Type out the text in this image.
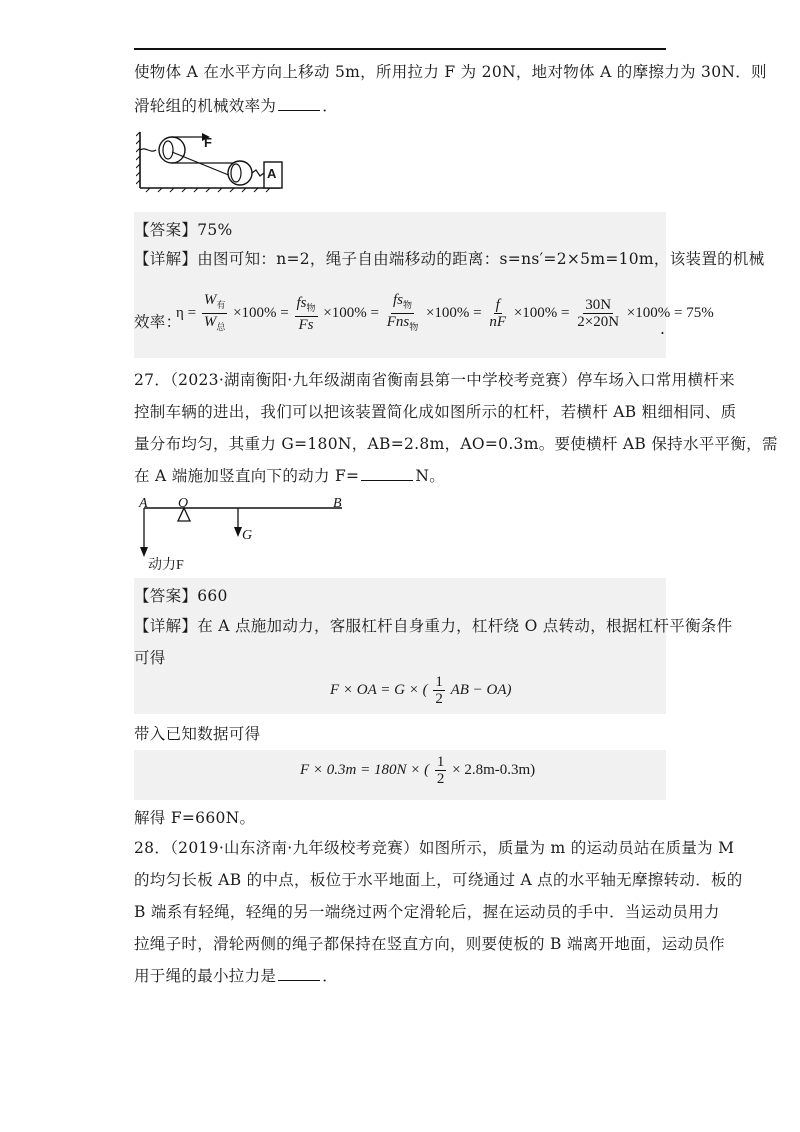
使物体 A 在水平方向上移动 5m，所用拉力 F 为 20N，地对物体 A 的摩擦力为 30N．则
滑轮组的机械效率为	．
F
A
【答案】75%
【详解】由图可知：n=2，绳子自由端移动的距离：s=ns′=2×5m=10m，该装置的机械
效率：
$\eta = \frac{W_有}{W_总} \times 100\% = \frac{fs_物}{Fs} \times 100\% = \frac{fs_物}{Fns_物} \times 100\% = \frac{f}{nF} \times 100\% = \frac{30N}{2\times 20N} \times 100\% = 75\%$
.
27．（2023·湖南衡阳·九年级湖南省衡南县第一中学校考竞赛）停车场入口常用横杆来
控制车辆的进出，我们可以把该装置简化成如图所示的杠杆，若横杆 AB 粗细相同、质
量分布均匀，其重力 G=180N，AB=2.8m，AO=0.3m。要使横杆 AB 保持水平平衡，需
在 A 端施加竖直向下的动力 F=	N。
A O	B
G
动力F
【答案】660
【详解】在 A 点施加动力，客服杠杆自身重力，杠杆绕 O 点转动，根据杠杆平衡条件
可得
F × OA = G × ( $\frac{1}{2}$ AB − OA)
带入已知数据可得
F × 0.3m = 180N × ( $\frac{1}{2} \times 2.8m-0.3m$)
解得 F=660N。
28．（2019·山东济南·九年级校考竞赛）如图所示，质量为 m 的运动员站在质量为 M
的均匀长板 AB 的中点，板位于水平地面上，可绕通过 A 点的水平轴无摩擦转动．板的
B 端系有轻绳，轻绳的另一端绕过两个定滑轮后，握在运动员的手中．当运动员用力
拉绳子时，滑轮两侧的绳子都保持在竖直方向，则要使板的 B 端离开地面，运动员作
用于绳的最小拉力是	．
